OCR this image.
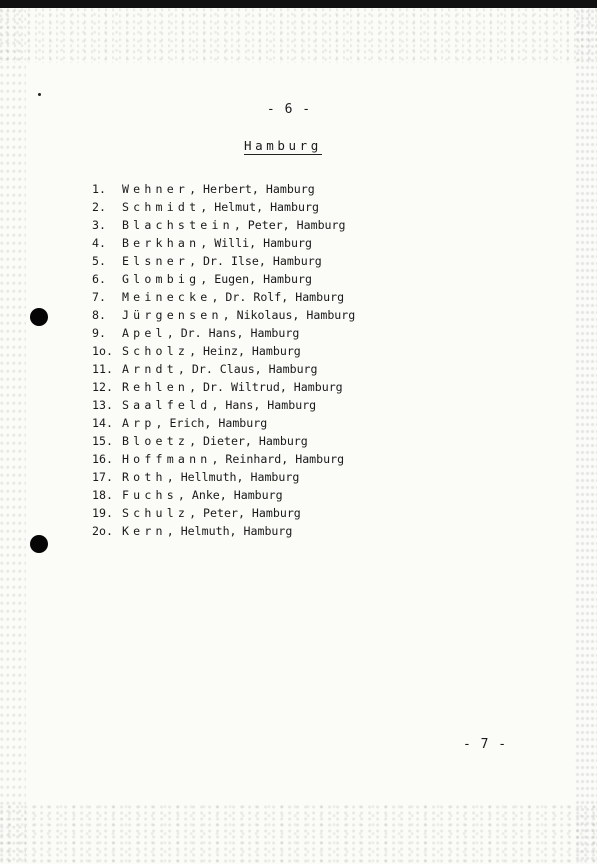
- 6 -
Hamburg
1. Wehner, Herbert, Hamburg
2. Schmidt, Helmut, Hamburg
3. Blachstein, Peter, Hamburg
4. Berkhan, Willi, Hamburg
5. Elsner, Dr. Ilse, Hamburg
6. Glombig, Eugen, Hamburg
7. Meinecke, Dr. Rolf, Hamburg
8. Jürgensen, Nikolaus, Hamburg
9. Apel, Dr. Hans, Hamburg
1o. Scholz, Heinz, Hamburg
11. Arndt, Dr. Claus, Hamburg
12. Rehlen, Dr. Wiltrud, Hamburg
13. Saalfeld, Hans, Hamburg
14. Arp, Erich, Hamburg
15. Bloetz, Dieter, Hamburg
16. Hoffmann, Reinhard, Hamburg
17. Roth, Hellmuth, Hamburg
18. Fuchs, Anke, Hamburg
19. Schulz, Peter, Hamburg
2o. Kern, Helmuth, Hamburg
- 7 -
